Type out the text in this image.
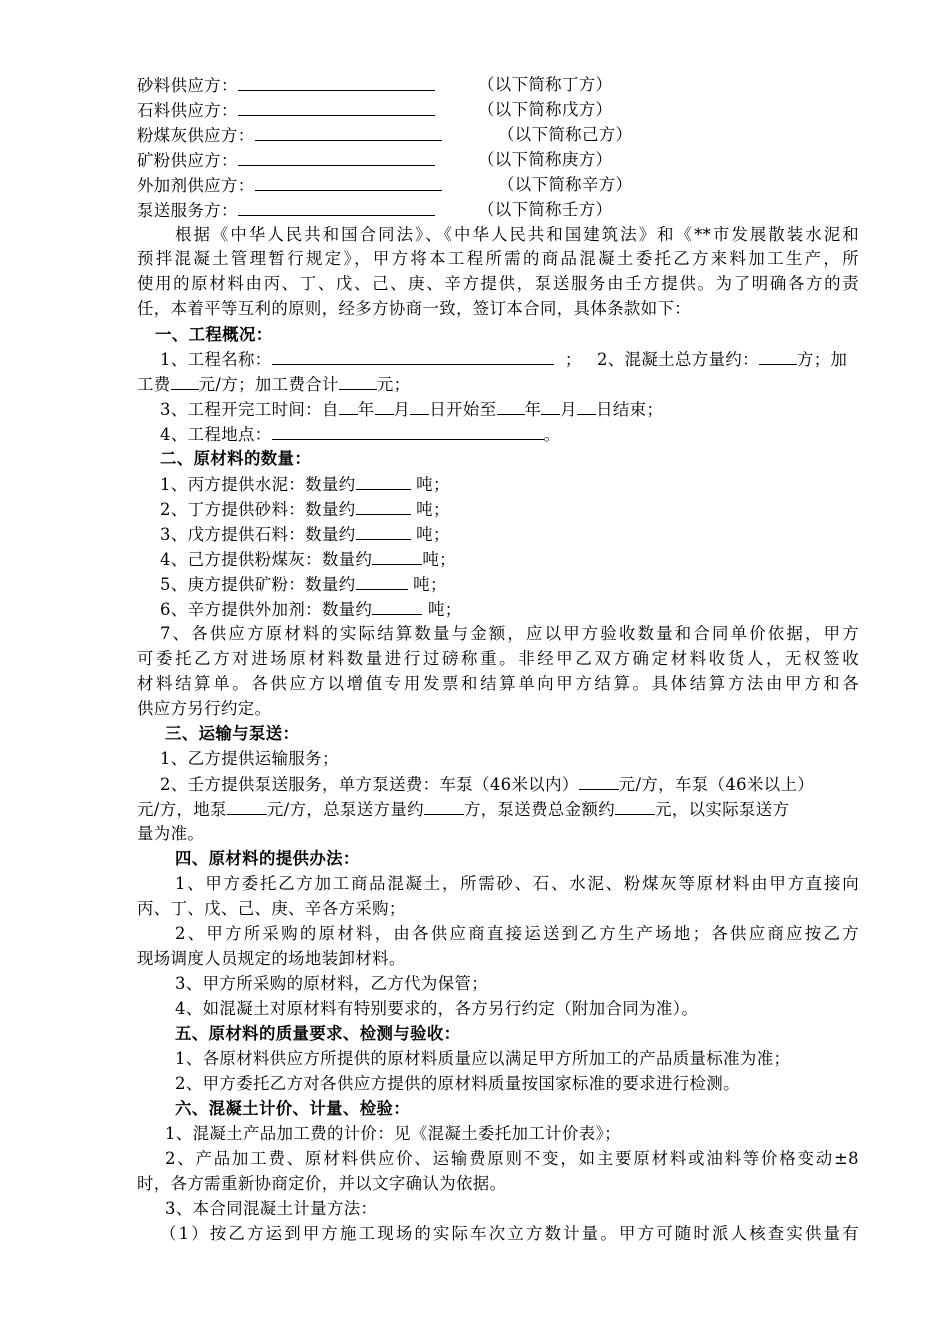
砂料供应方：	（以下简称丁方）
石料供应方：	（以下简称戊方）
粉煤灰供应方：	（以下简称己方）
矿粉供应方：	（以下简称庚方）
外加剂供应方：	（以下简称辛方）
泵送服务方：	（以下简称壬方）
根据《中华人民共和国合同法》、《中华人民共和国建筑法》和《**市发展散装水泥和
预拌混凝土管理暂行规定》，甲方将本工程所需的商品混凝土委托乙方来料加工生产，所
使用的原材料由丙、丁、戊、己、庚、辛方提供，泵送服务由壬方提供。为了明确各方的责
任，本着平等互利的原则，经多方协商一致，签订本合同，具体条款如下：
一、工程概况：
1、工程名称：	； 2、混凝土总方量约： 方；加
工费 元/方；加工费合计 元；
3、工程开完工时间：自 年 月 日开始至 年 月 日结束；
4、工程地点：	。
二、原材料的数量：
1、丙方提供水泥：数量约	吨；
2、丁方提供砂料：数量约	吨；
3、戊方提供石料：数量约	吨；
4、己方提供粉煤灰：数量约	吨；
5、庚方提供矿粉：数量约	吨；
6、辛方提供外加剂：数量约	吨；
7、各供应方原材料的实际结算数量与金额，应以甲方验收数量和合同单价依据，甲方
可委托乙方对进场原材料数量进行过磅称重。非经甲乙双方确定材料收货人，无权签收
材料结算单。各供应方以增值专用发票和结算单向甲方结算。具体结算方法由甲方和各
供应方另行约定。
三、运输与泵送：
1、乙方提供运输服务；
2、壬方提供泵送服务，单方泵送费：车泵（46米以内） 元/方，车泵（46米以上）
元/方，地泵 元/方，总泵送方量约 方，泵送费总金额约 元，以实际泵送方
量为准。
四、原材料的提供办法：
1、甲方委托乙方加工商品混凝土，所需砂、石、水泥、粉煤灰等原材料由甲方直接向
丙、丁、戊、己、庚、辛各方采购；
2、甲方所采购的原材料，由各供应商直接运送到乙方生产场地；各供应商应按乙方
现场调度人员规定的场地装卸材料。
3、甲方所采购的原材料，乙方代为保管；
4、如混凝土对原材料有特别要求的，各方另行约定（附加合同为准）。
五、原材料的质量要求、检测与验收：
1、各原材料供应方所提供的原材料质量应以满足甲方所加工的产品质量标准为准；
2、甲方委托乙方对各供应方提供的原材料质量按国家标准的要求进行检测。
六、混凝土计价、计量、检验：
1、混凝土产品加工费的计价：见《混凝土委托加工计价表》；
2、产品加工费、原材料供应价、运输费原则不变，如主要原材料或油料等价格变动±8
时，各方需重新协商定价，并以文字确认为依据。
3、本合同混凝土计量方法：
（1）按乙方运到甲方施工现场的实际车次立方数计量。甲方可随时派人核查实供量有
